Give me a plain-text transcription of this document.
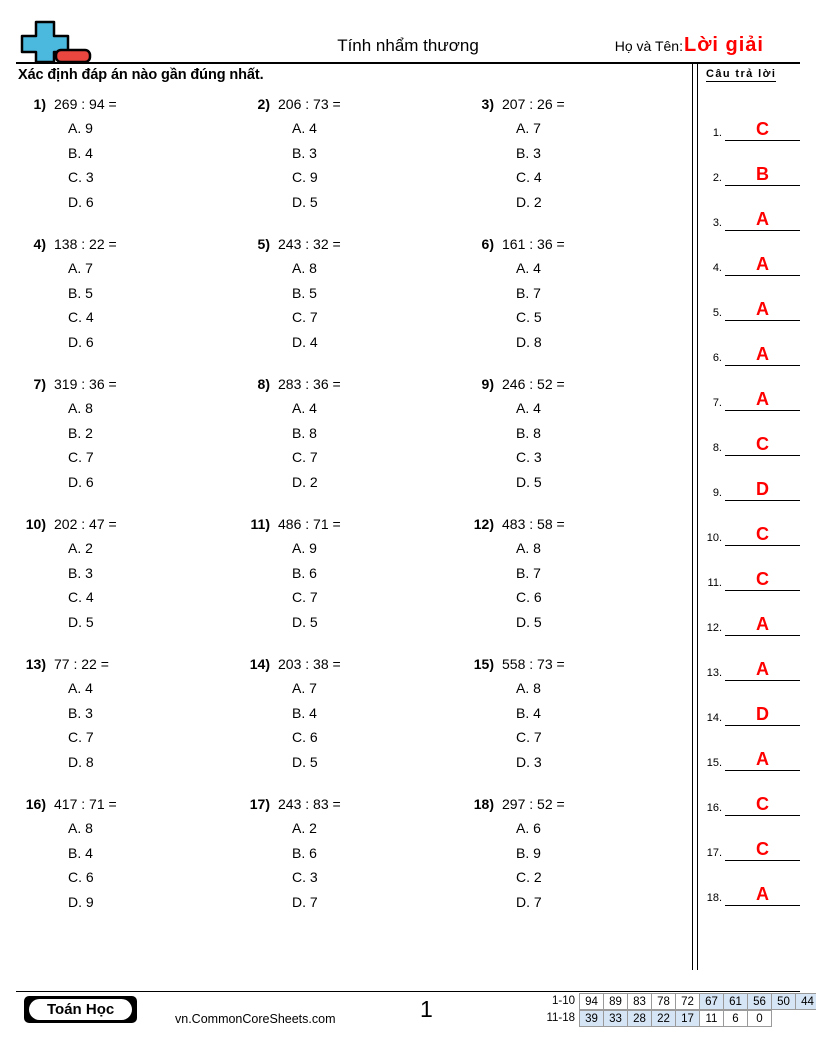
Tính nhẩm thương	Họ và Tên: Lời giải
Xác định đáp án nào gần đúng nhất.
1) 269 : 94 =
A. 9
B. 4
C. 3
D. 6
2) 206 : 73 =
A. 4
B. 3
C. 9
D. 5
3) 207 : 26 =
A. 7
B. 3
C. 4
D. 2
4) 138 : 22 =
A. 7
B. 5
C. 4
D. 6
5) 243 : 32 =
A. 8
B. 5
C. 7
D. 4
6) 161 : 36 =
A. 4
B. 7
C. 5
D. 8
7) 319 : 36 =
A. 8
B. 2
C. 7
D. 6
8) 283 : 36 =
A. 4
B. 8
C. 7
D. 2
9) 246 : 52 =
A. 4
B. 8
C. 3
D. 5
10) 202 : 47 =
A. 2
B. 3
C. 4
D. 5
11) 486 : 71 =
A. 9
B. 6
C. 7
D. 5
12) 483 : 58 =
A. 8
B. 7
C. 6
D. 5
13) 77 : 22 =
A. 4
B. 3
C. 7
D. 8
14) 203 : 38 =
A. 7
B. 4
C. 6
D. 5
15) 558 : 73 =
A. 8
B. 4
C. 7
D. 3
16) 417 : 71 =
A. 8
B. 4
C. 6
D. 9
17) 243 : 83 =
A. 2
B. 6
C. 3
D. 7
18) 297 : 52 =
A. 6
B. 9
C. 2
D. 7
Câu trả lời
1.	C
2.	B
3.	A
4.	A
5.	A
6.	A
7.	A
8.	C
9.	D
10.	C
11.	C
12.	A
13.	A
14.	D
15.	A
16.	C
17.	C
18.	A
Toán Học
vn.CommonCoreSheets.com	1	1-10 94 89 83 78 72 67 61 56 50 44
11-18 39 33 28 22 17	11	6	0
